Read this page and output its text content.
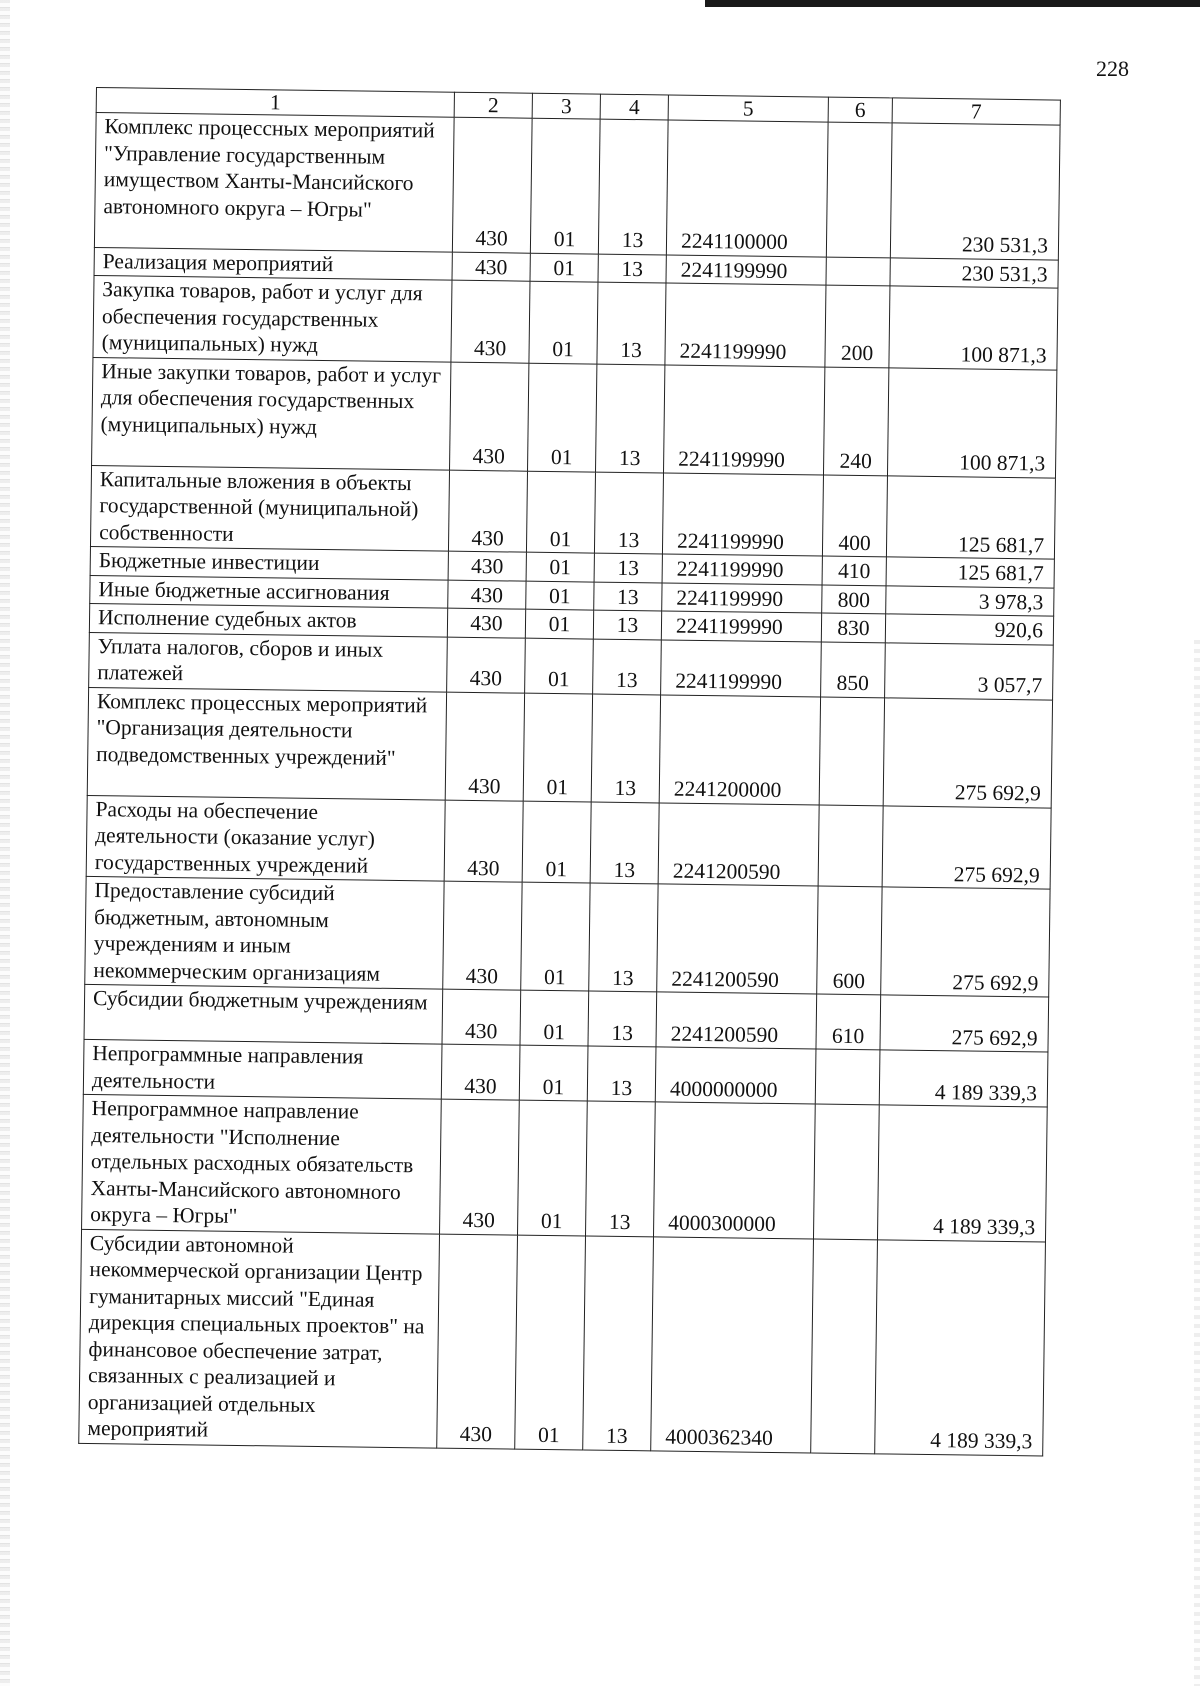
228
1	2	3	4	5	6	7
Комплекс процессных мероприятий "Управление государственным имуществом Ханты-Мансийского автономного округа – Югры"	430	01	13	2241100000		230 531,3
Реализация мероприятий	430	01	13	2241199990		230 531,3
Закупка товаров, работ и услуг для обеспечения государственных (муниципальных) нужд	430	01	13	2241199990	200	100 871,3
Иные закупки товаров, работ и услуг для обеспечения государственных (муниципальных) нужд	430	01	13	2241199990	240	100 871,3
Капитальные вложения в объекты государственной (муниципальной) собственности	430	01	13	2241199990	400	125 681,7
Бюджетные инвестиции	430	01	13	2241199990	410	125 681,7
Иные бюджетные ассигнования	430	01	13	2241199990	800	3 978,3
Исполнение судебных актов	430	01	13	2241199990	830	920,6
Уплата налогов, сборов и иных платежей	430	01	13	2241199990	850	3 057,7
Комплекс процессных мероприятий "Организация деятельности подведомственных учреждений"	430	01	13	2241200000		275 692,9
Расходы на обеспечение деятельности (оказание услуг) государственных учреждений	430	01	13	2241200590		275 692,9
Предоставление субсидий бюджетным, автономным учреждениям и иным некоммерческим организациям	430	01	13	2241200590	600	275 692,9
Субсидии бюджетным учреждениям	430	01	13	2241200590	610	275 692,9
Непрограммные направления деятельности	430	01	13	4000000000		4 189 339,3
Непрограммное направление деятельности "Исполнение отдельных расходных обязательств Ханты-Мансийского автономного округа – Югры"	430	01	13	4000300000		4 189 339,3
Субсидии автономной некоммерческой организации Центр гуманитарных миссий "Единая дирекция специальных проектов" на финансовое обеспечение затрат, связанных с реализацией и организацией отдельных мероприятий	430	01	13	4000362340		4 189 339,3
